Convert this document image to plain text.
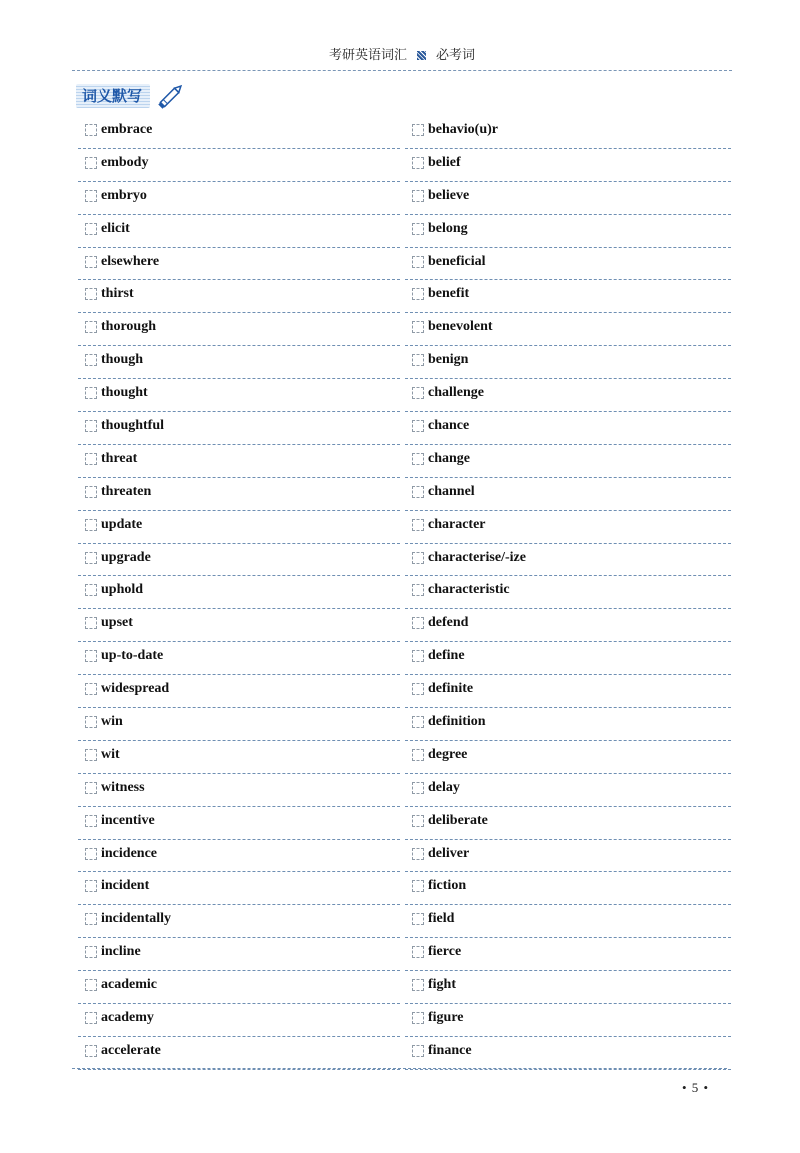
考研英语词汇 必考词
词义默写
embrace
embody
embryo
elicit
elsewhere
thirst
thorough
though
thought
thoughtful
threat
threaten
update
upgrade
uphold
upset
up-to-date
widespread
win
wit
witness
incentive
incidence
incident
incidentally
incline
academic
academy
accelerate
behavio(u)r
belief
believe
belong
beneficial
benefit
benevolent
benign
challenge
chance
change
channel
character
characterise/-ize
characteristic
defend
define
definite
definition
degree
delay
deliberate
deliver
fiction
field
fierce
fight
figure
finance
• 5 •
